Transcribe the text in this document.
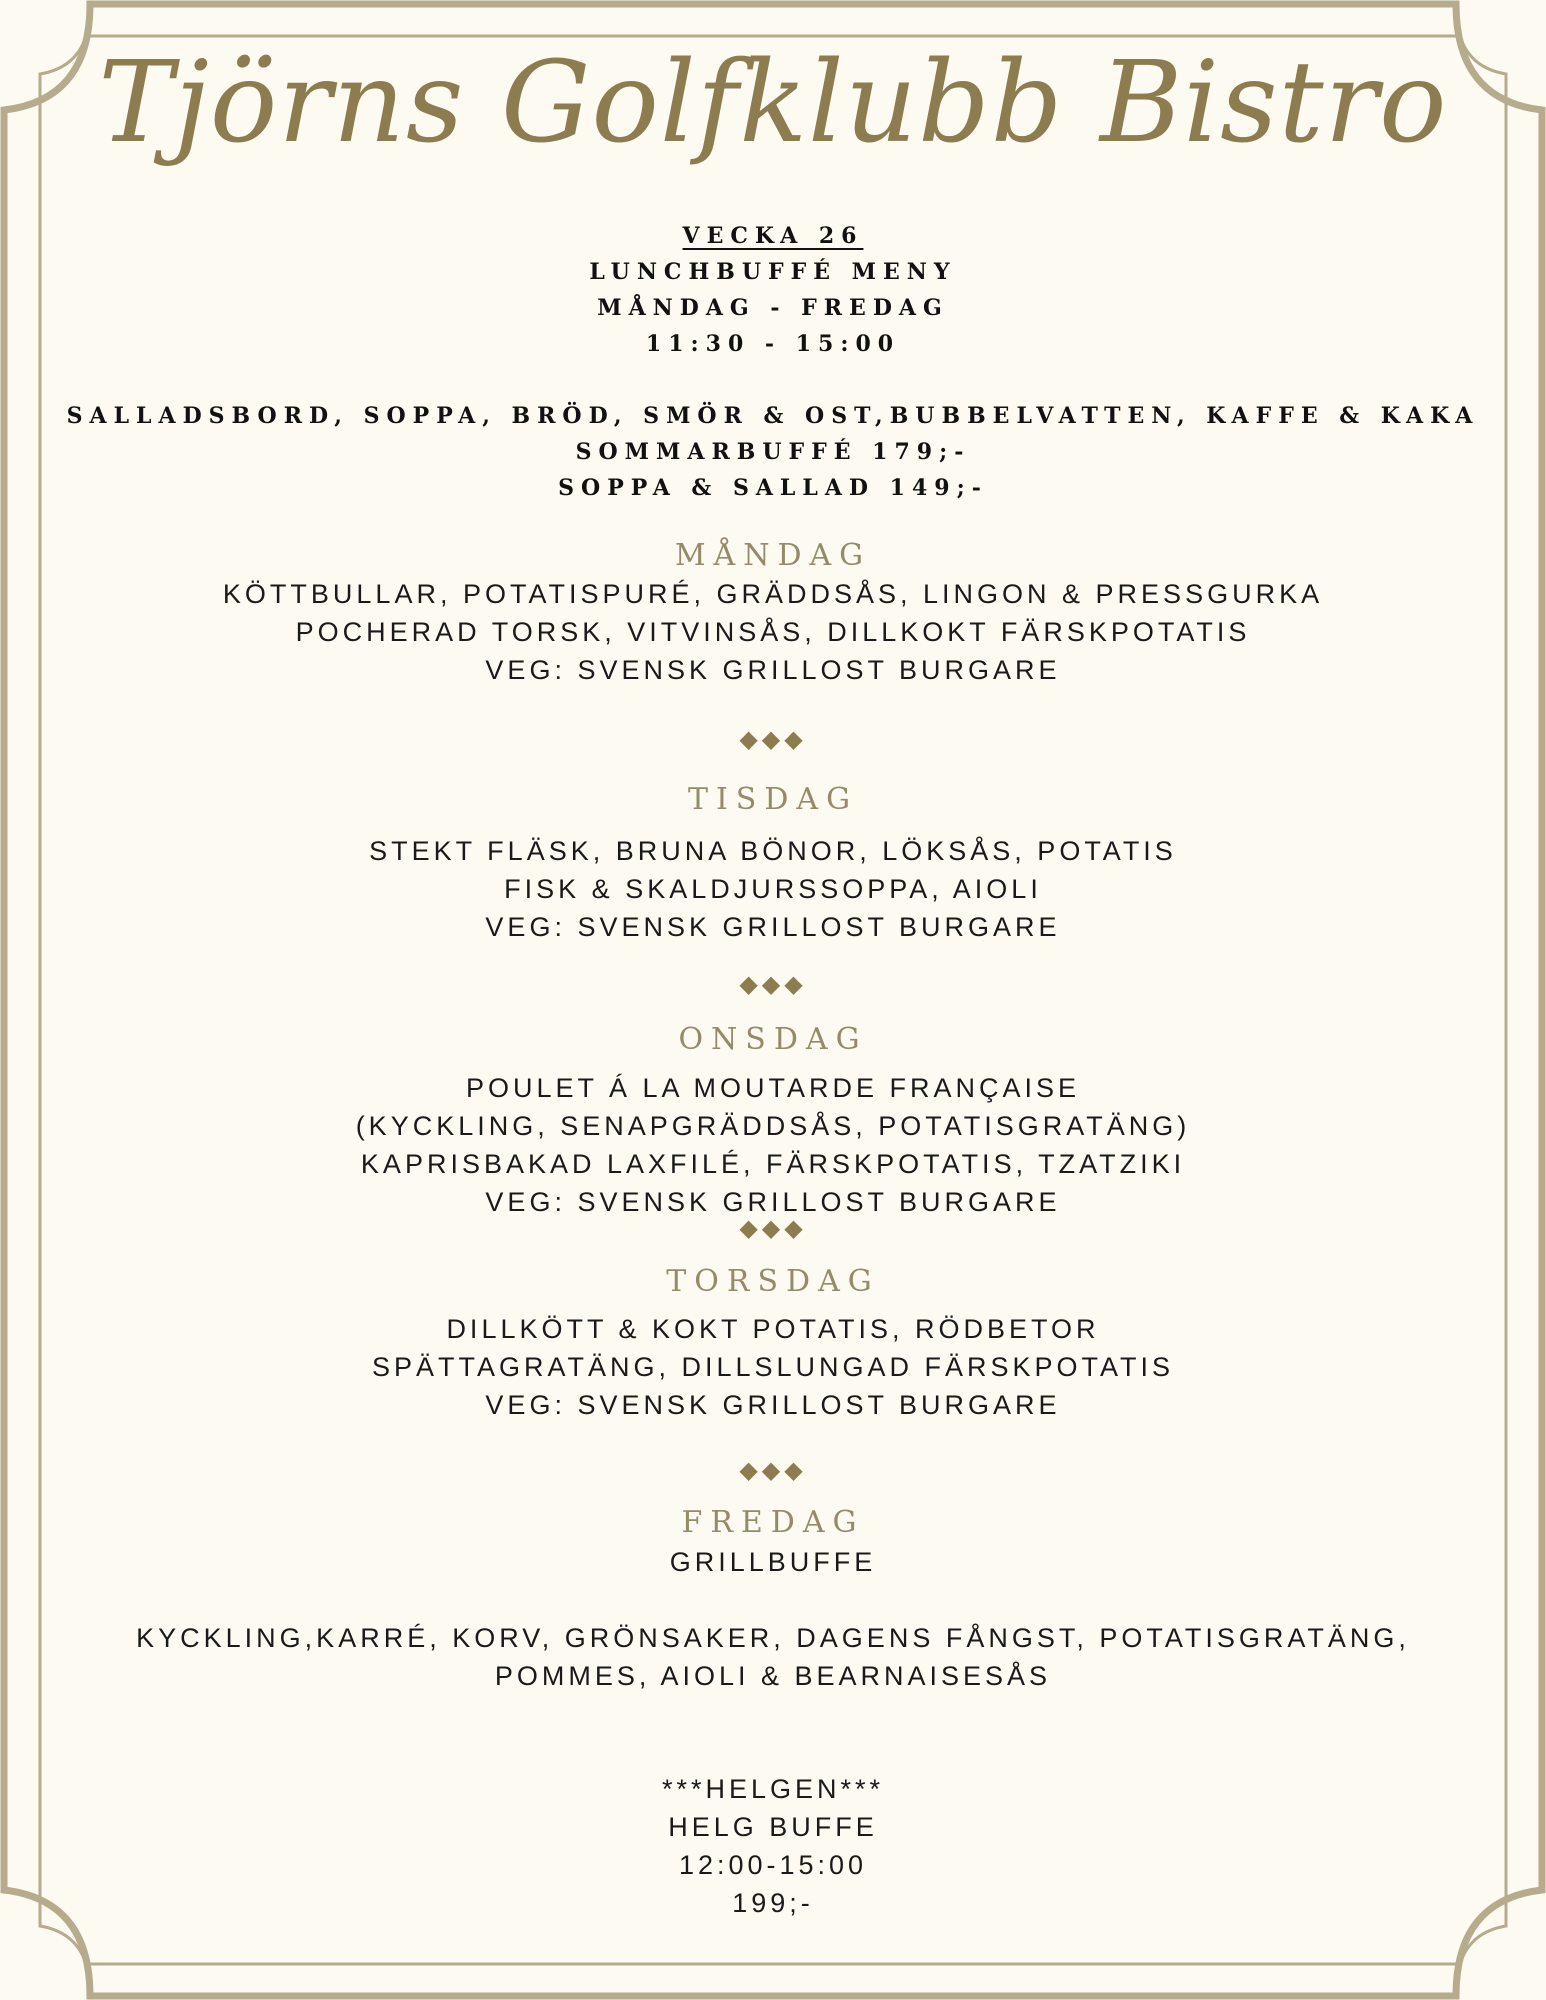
Tjörns Golfklubb Bistro
VECKA 26
LUNCHBUFFÉ MENY
MÅNDAG - FREDAG
11:30 - 15:00
SALLADSBORD, SOPPA, BRÖD, SMÖR & OST,BUBBELVATTEN, KAFFE & KAKA
SOMMARBUFFÉ 179;-
SOPPA & SALLAD 149;-
MÅNDAG
KÖTTBULLAR, POTATISPURÉ, GRÄDDSÅS, LINGON & PRESSGURKA
POCHERAD TORSK, VITVINSÅS, DILLKOKT FÄRSKPOTATIS
VEG: SVENSK GRILLOST BURGARE
◆◆◆
TISDAG
STEKT FLÄSK, BRUNA BÖNOR, LÖKSÅS, POTATIS
FISK & SKALDJURSSOPPA, AIOLI
VEG: SVENSK GRILLOST BURGARE
◆◆◆
ONSDAG
POULET Á LA MOUTARDE FRANÇAISE
(KYCKLING, SENAPGRÄDDSÅS, POTATISGRATÄNG)
KAPRISBAKAD LAXFILÉ, FÄRSKPOTATIS, TZATZIKI
VEG: SVENSK GRILLOST BURGARE
◆◆◆
TORSDAG
DILLKÖTT & KOKT POTATIS, RÖDBETOR
SPÄTTAGRATÄNG, DILLSLUNGAD FÄRSKPOTATIS
VEG: SVENSK GRILLOST BURGARE
◆◆◆
FREDAG
GRILLBUFFE
KYCKLING,KARRÉ, KORV, GRÖNSAKER, DAGENS FÅNGST, POTATISGRATÄNG,
POMMES, AIOLI & BEARNAISESÅS
***HELGEN***
HELG BUFFE
12:00-15:00
199;-
